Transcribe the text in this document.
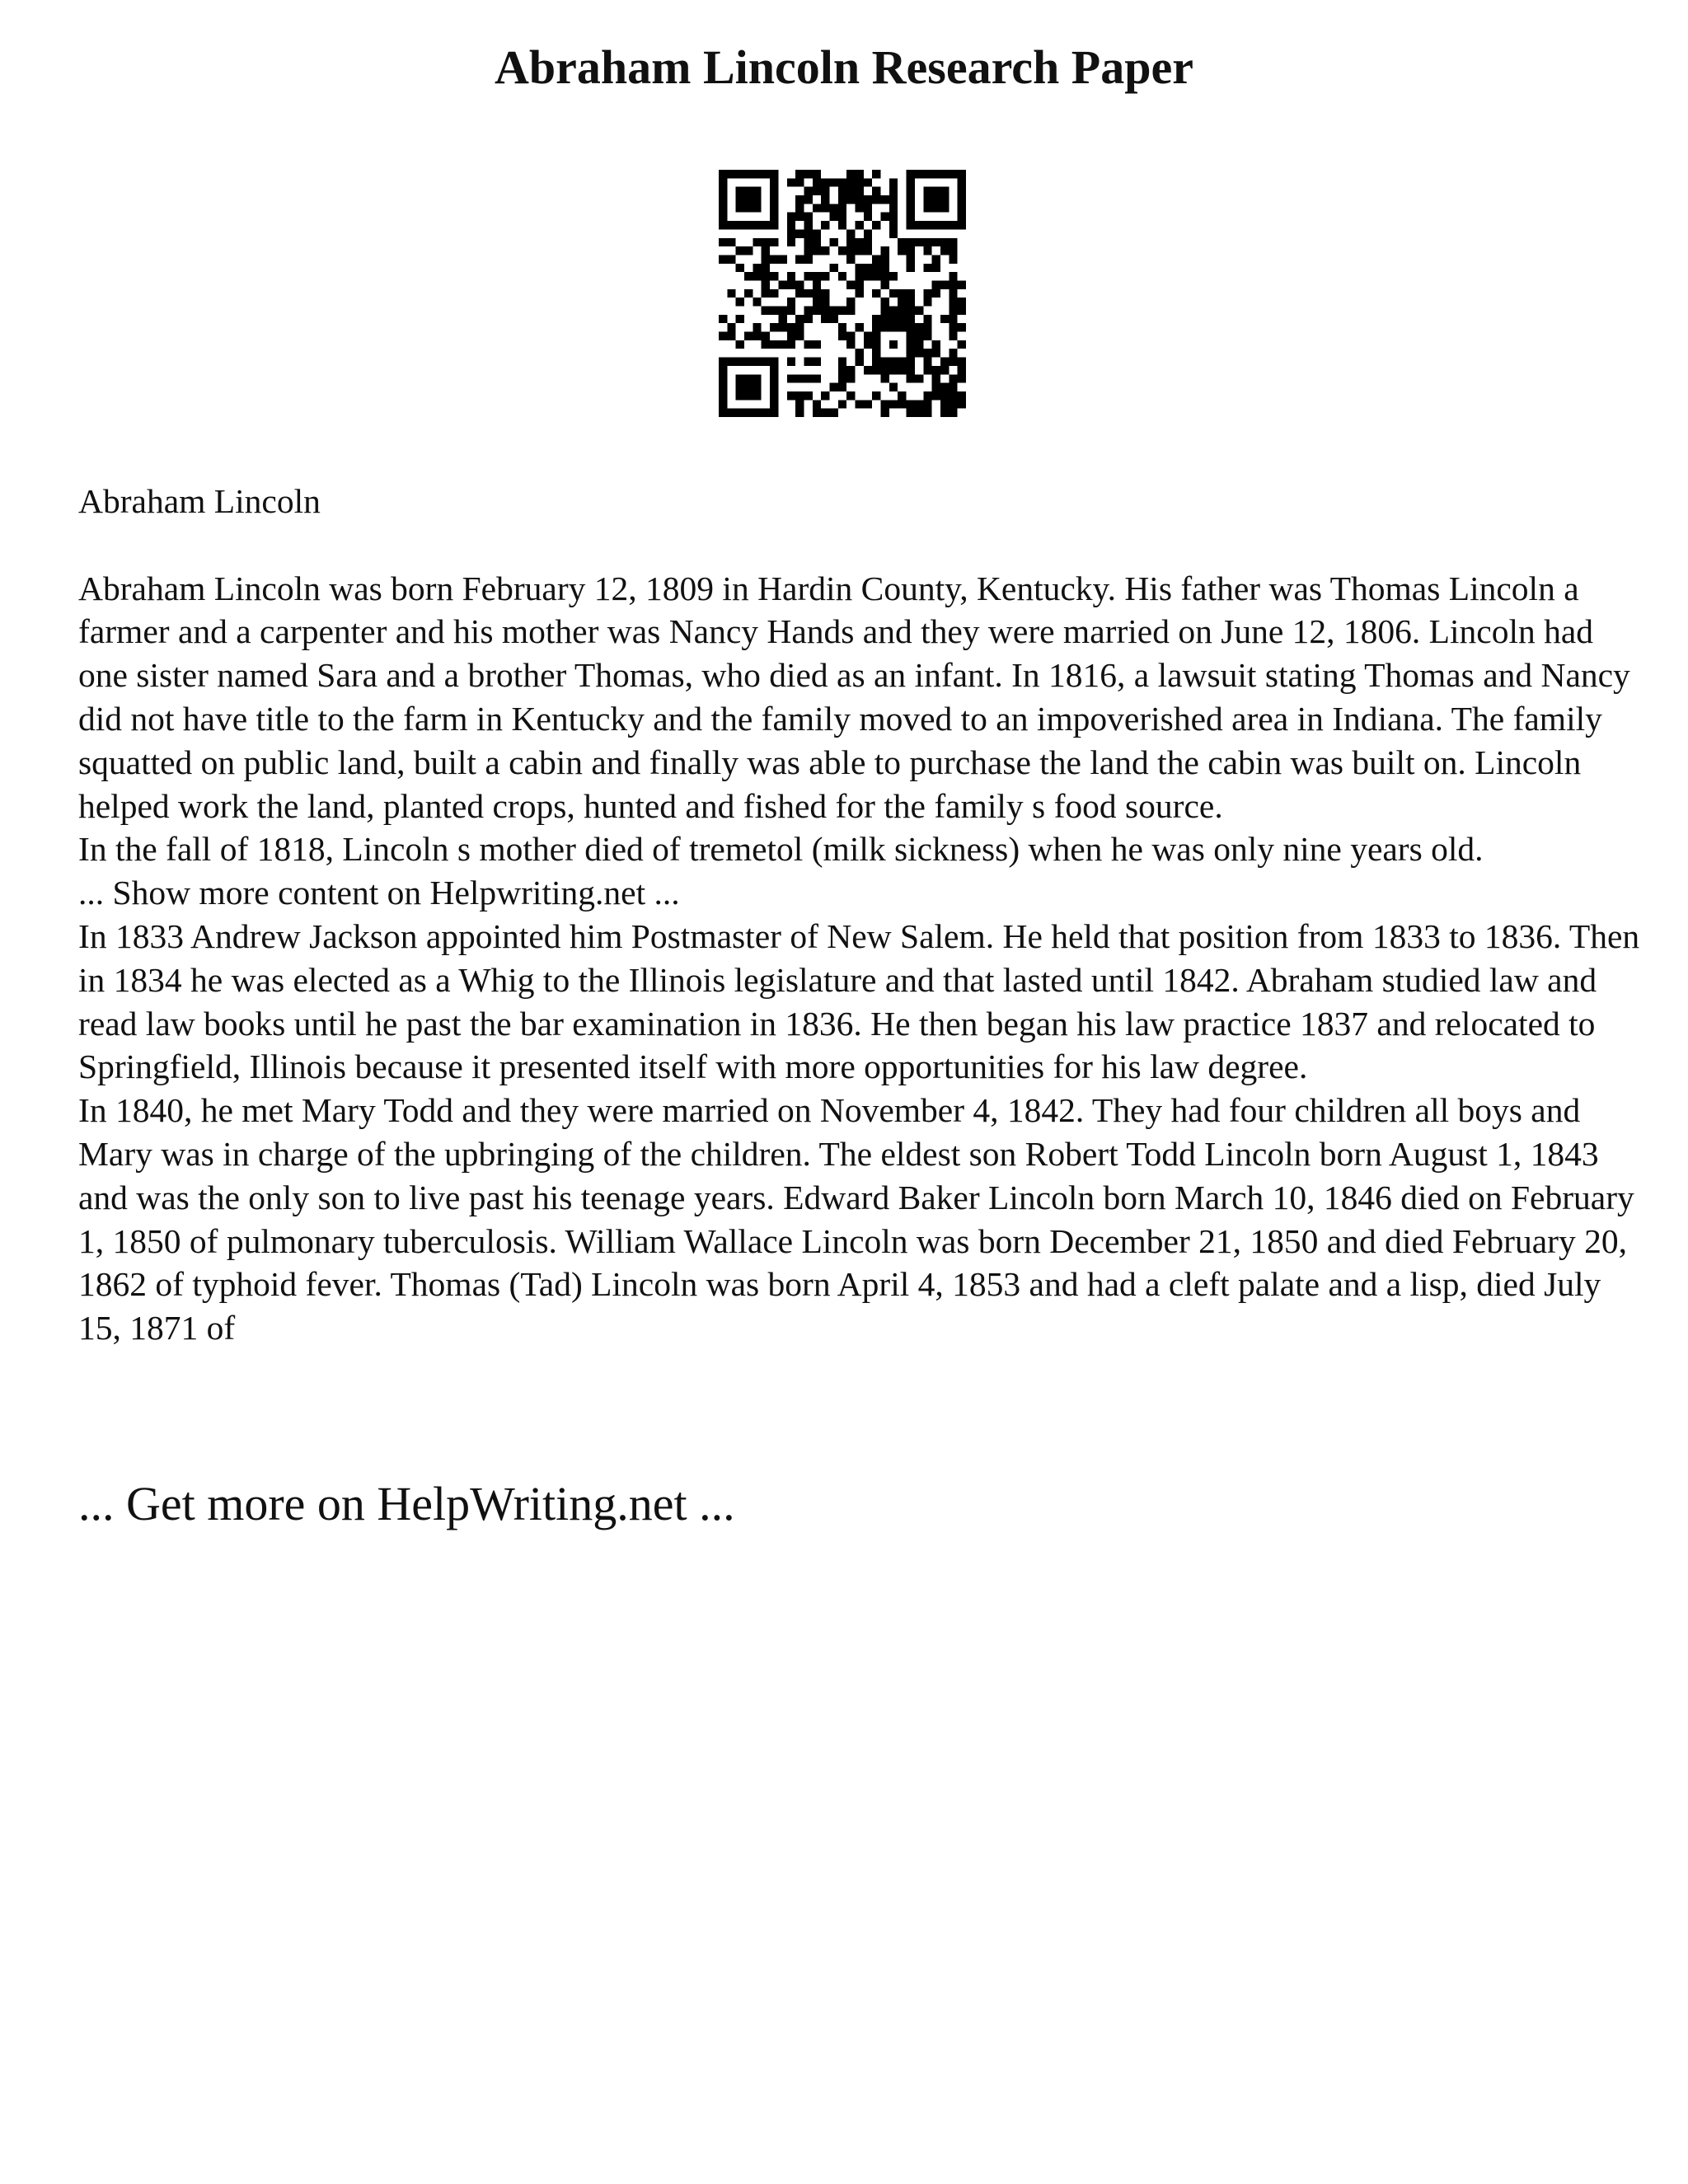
Abraham Lincoln Research Paper

Abraham Lincoln

Abraham Lincoln was born February 12, 1809 in Hardin County, Kentucky. His father was Thomas Lincoln a farmer and a carpenter and his mother was Nancy Hands and they were married on June 12, 1806. Lincoln had one sister named Sara and a brother Thomas, who died as an infant. In 1816, a lawsuit stating Thomas and Nancy did not have title to the farm in Kentucky and the family moved to an impoverished area in Indiana. The family squatted on public land, built a cabin and finally was able to purchase the land the cabin was built on. Lincoln helped work the land, planted crops, hunted and fished for the family s food source.

In the fall of 1818, Lincoln s mother died of tremetol (milk sickness) when he was only nine years old.

... Show more content on Helpwriting.net ...

In 1833 Andrew Jackson appointed him Postmaster of New Salem. He held that position from 1833 to 1836. Then in 1834 he was elected as a Whig to the Illinois legislature and that lasted until 1842. Abraham studied law and read law books until he past the bar examination in 1836. He then began his law practice 1837 and relocated to Springfield, Illinois because it presented itself with more opportunities for his law degree.

In 1840, he met Mary Todd and they were married on November 4, 1842. They had four children all boys and Mary was in charge of the upbringing of the children. The eldest son Robert Todd Lincoln born August 1, 1843 and was the only son to live past his teenage years. Edward Baker Lincoln born March 10, 1846 died on February 1, 1850 of pulmonary tuberculosis. William Wallace Lincoln was born December 21, 1850 and died February 20, 1862 of typhoid fever. Thomas (Tad) Lincoln was born April 4, 1853 and had a cleft palate and a lisp, died July 15, 1871 of

... Get more on HelpWriting.net ...
